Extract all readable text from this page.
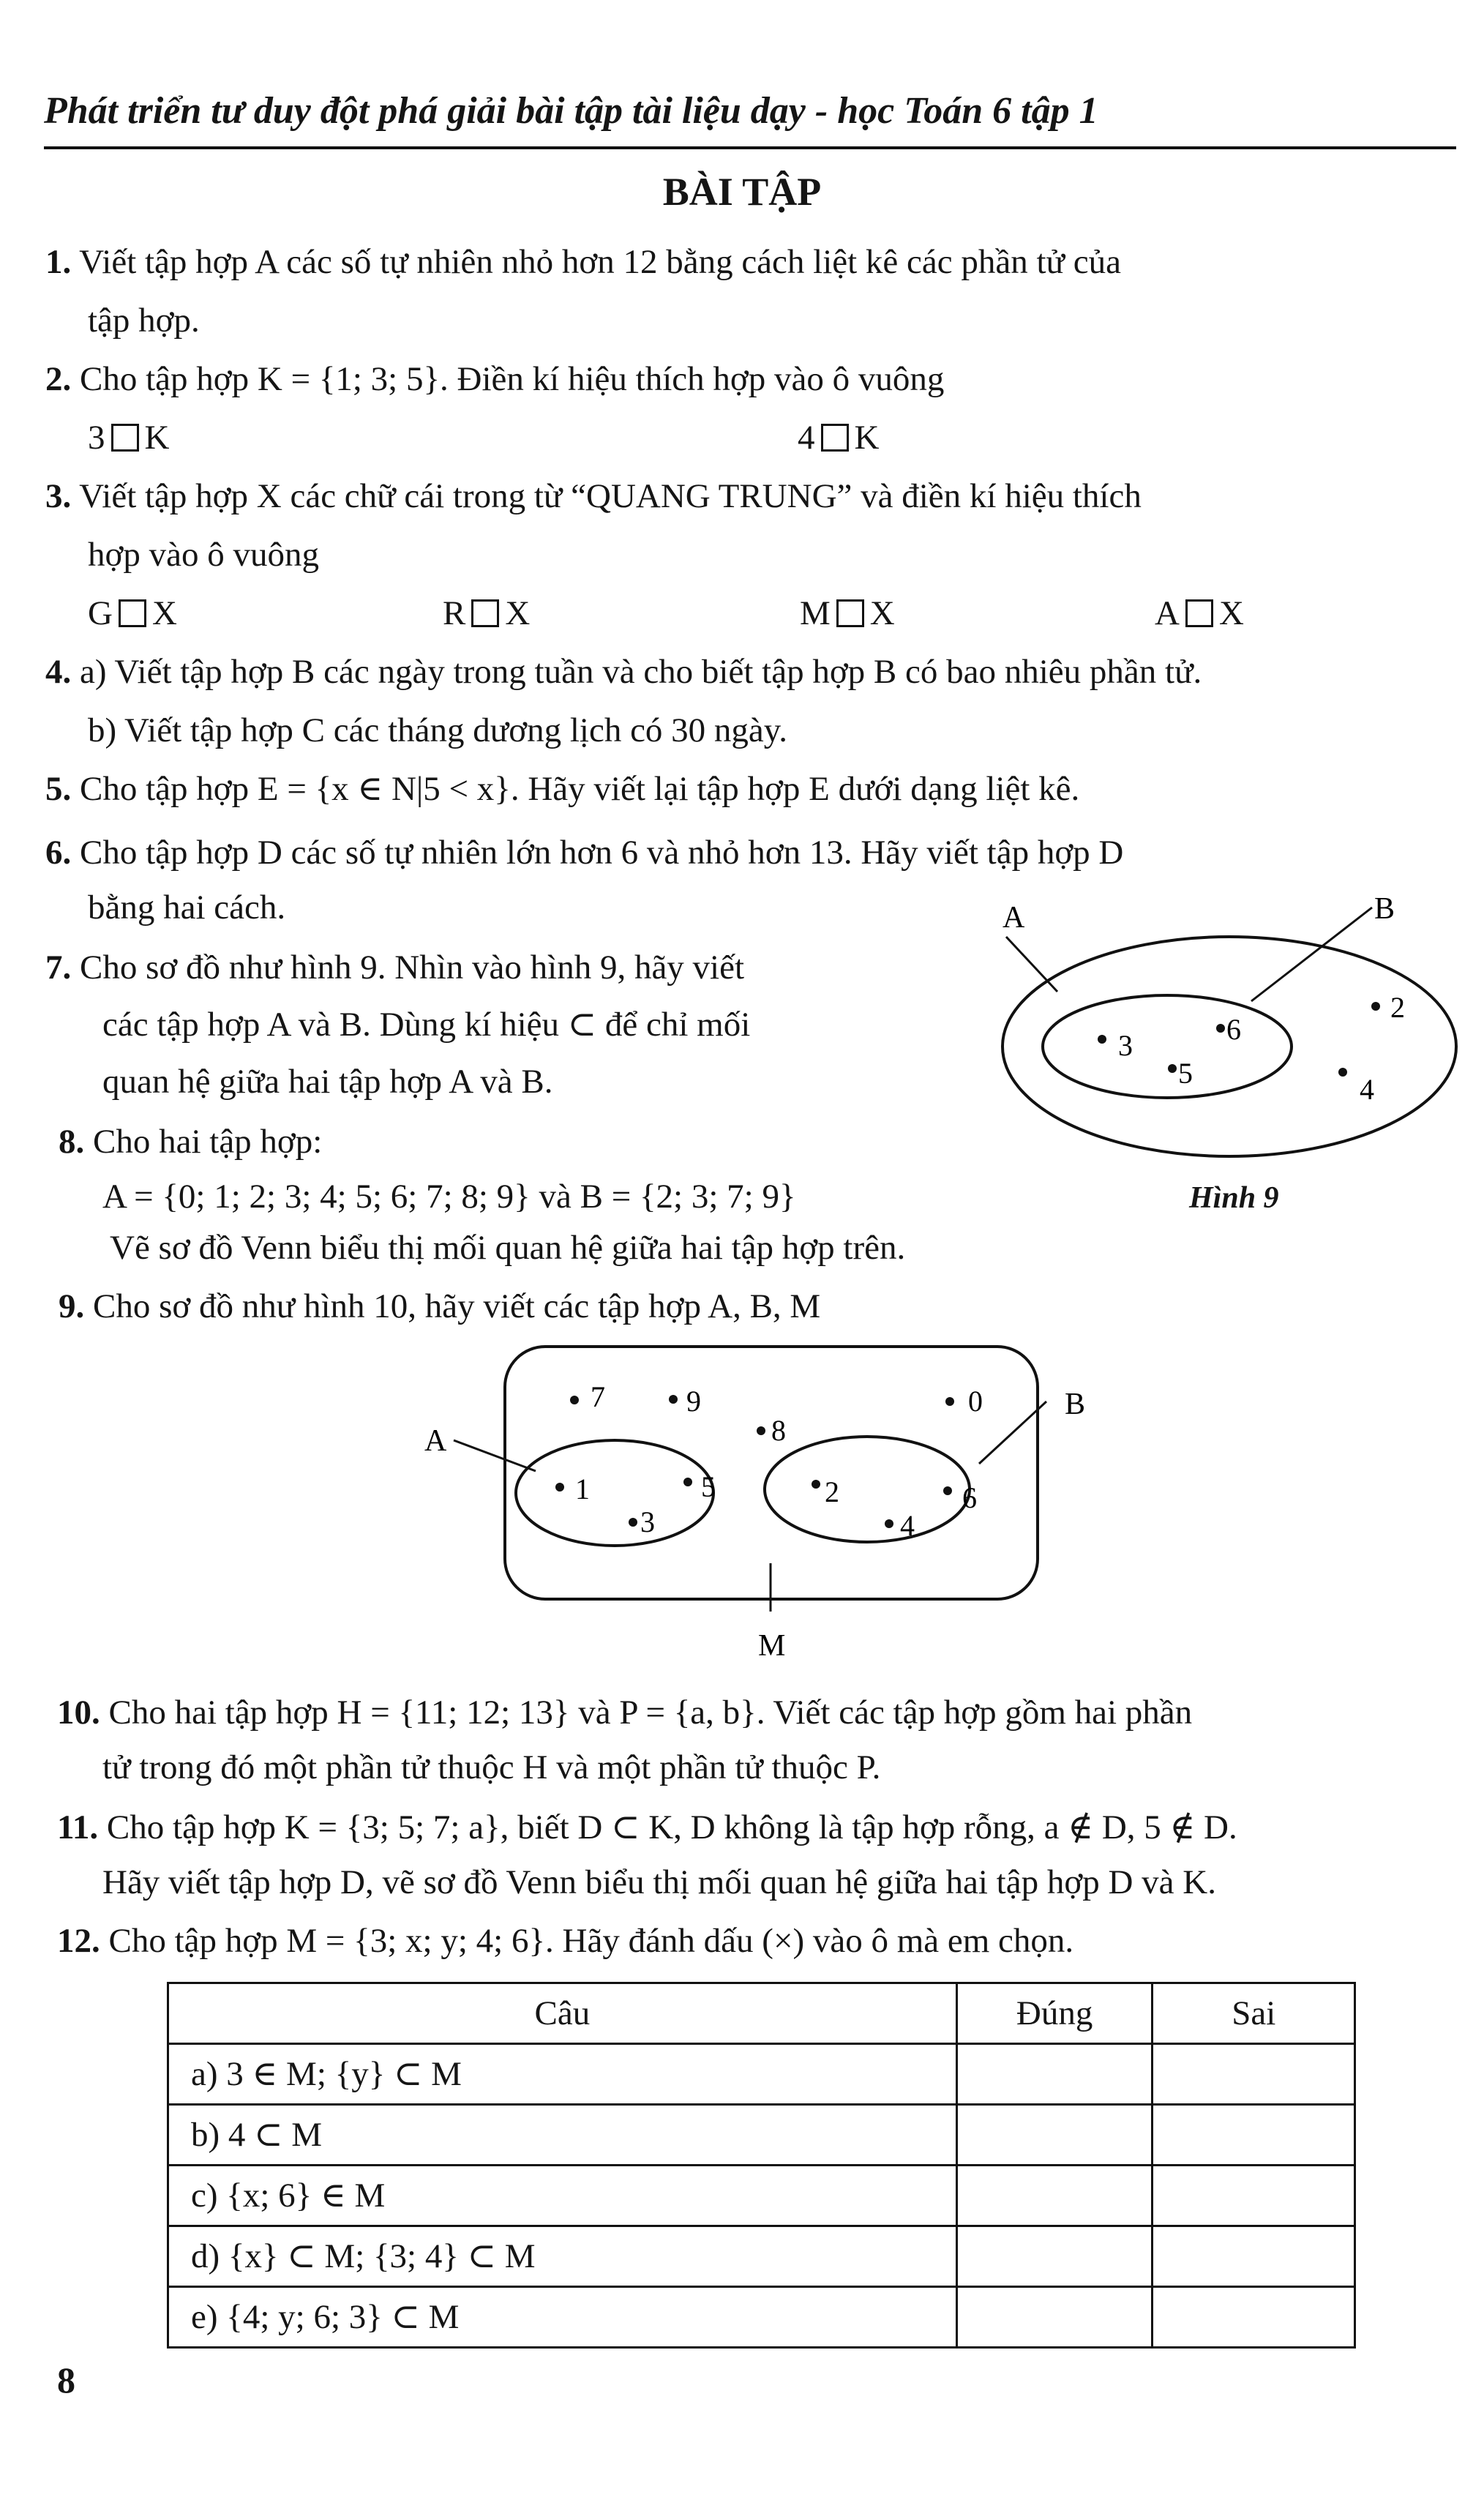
Phát triển tư duy đột phá giải bài tập tài liệu dạy - học Toán 6 tập 1
BÀI TẬP
1. Viết tập hợp A các số tự nhiên nhỏ hơn 12 bằng cách liệt kê các phần tử của
tập hợp.
2. Cho tập hợp K = {1; 3; 5}. Điền kí hiệu thích hợp vào ô vuông
3 K	4 K
3. Viết tập hợp X các chữ cái trong từ “QUANG TRUNG” và điền kí hiệu thích
hợp vào ô vuông
G X	R X	M X	A X
4. a) Viết tập hợp B các ngày trong tuần và cho biết tập hợp B có bao nhiêu phần tử.
b) Viết tập hợp C các tháng dương lịch có 30 ngày.
5. Cho tập hợp E = {x ∈ N|5 < x}. Hãy viết lại tập hợp E dưới dạng liệt kê.
6. Cho tập hợp D các số tự nhiên lớn hơn 6 và nhỏ hơn 13. Hãy viết tập hợp D
bằng hai cách.
7. Cho sơ đồ như hình 9. Nhìn vào hình 9, hãy viết
các tập hợp A và B. Dùng kí hiệu ⊂ để chỉ mối
quan hệ giữa hai tập hợp A và B.
A	B
3	6
5
2
4
8. Cho hai tập hợp:
A = {0; 1; 2; 3; 4; 5; 6; 7; 8; 9} và B = {2; 3; 7; 9}	Hình 9
Vẽ sơ đồ Venn biểu thị mối quan hệ giữa hai tập hợp trên.
9. Cho sơ đồ như hình 10, hãy viết các tập hợp A, B, M
A
B
M
7	9
8
0
1	5
3
2
4
6
10. Cho hai tập hợp H = {11; 12; 13} và P = {a, b}. Viết các tập hợp gồm hai phần
tử trong đó một phần tử thuộc H và một phần tử thuộc P.
11. Cho tập hợp K = {3; 5; 7; a}, biết D ⊂ K, D không là tập hợp rỗng, a ∉ D, 5 ∉ D.
Hãy viết tập hợp D, vẽ sơ đồ Venn biểu thị mối quan hệ giữa hai tập hợp D và K.
12. Cho tập hợp M = {3; x; y; 4; 6}. Hãy đánh dấu (×) vào ô mà em chọn.
Câu	Đúng	Sai
a) 3 ∈ M; {y} ⊂ M		
b) 4 ⊂ M		
c) {x; 6} ∈ M		
d) {x} ⊂ M; {3; 4} ⊂ M		
e) {4; y; 6; 3} ⊂ M		
8
